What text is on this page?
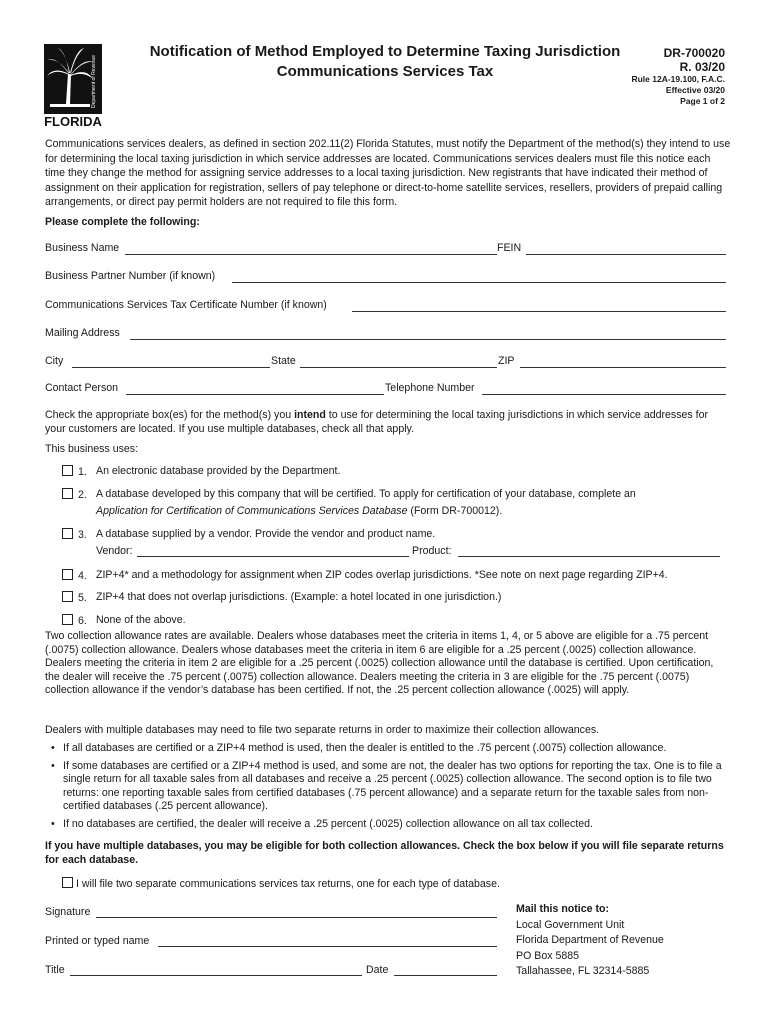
Department of Revenue
FLORIDA
Notification of Method Employed to Determine Taxing Jurisdiction
Communications Services Tax
DR-700020
R. 03/20
Rule 12A-19.100, F.A.C.
Effective 03/20
Page 1 of 2
Communications services dealers, as defined in section 202.11(2) Florida Statutes, must notify the Department of the method(s) they intend to use for determining the local taxing jurisdiction in which service addresses are located. Communications services dealers must file this notice each time they change the method for assigning service addresses to a local taxing jurisdiction. New registrants that have indicated their method of assignment on their application for registration, sellers of pay telephone or direct-to-home satellite services, resellers, providers of prepaid calling arrangements, or direct pay permit holders are not required to file this form.
Please complete the following:
Business Name	FEIN
Business Partner Number (if known)
Communications Services Tax Certificate Number (if known)
Mailing Address
City	State	ZIP
Contact Person	Telephone Number
Check the appropriate box(es) for the method(s) you intend to use for determining the local taxing jurisdictions in which service addresses for your customers are located. If you use multiple databases, check all that apply.
This business uses:
1. An electronic database provided by the Department.
2. A database developed by this company that will be certified. To apply for certification of your database, complete an
Application for Certification of Communications Services Database (Form DR-700012).
3. A database supplied by a vendor. Provide the vendor and product name.
Vendor:	Product:
4. ZIP+4* and a methodology for assignment when ZIP codes overlap jurisdictions. *See note on next page regarding ZIP+4.
5. ZIP+4 that does not overlap jurisdictions. (Example: a hotel located in one jurisdiction.)
6. None of the above.
Two collection allowance rates are available. Dealers whose databases meet the criteria in items 1, 4, or 5 above are eligible for a .75 percent (.0075) collection allowance. Dealers whose databases meet the criteria in item 6 are eligible for a .25 percent (.0025) collection allowance. Dealers meeting the criteria in item 2 are eligible for a .25 percent (.0025) collection allowance until the database is certified. Upon certification, the dealer will receive the .75 percent (.0075) collection allowance. Dealers meeting the criteria in 3 are eligible for the .75 percent (.0075) collection allowance if the vendor’s database has been certified. If not, the .25 percent collection allowance (.0025) will apply.
Dealers with multiple databases may need to file two separate returns in order to maximize their collection allowances.
• If all databases are certified or a ZIP+4 method is used, then the dealer is entitled to the .75 percent (.0075) collection allowance.
• If some databases are certified or a ZIP+4 method is used, and some are not, the dealer has two options for reporting the tax. One is to file a single return for all taxable sales from all databases and receive a .25 percent (.0025) collection allowance. The second option is to file two returns: one reporting taxable sales from certified databases (.75 percent allowance) and a separate return for the taxable sales from non-certified databases (.25 percent allowance).
• If no databases are certified, the dealer will receive a .25 percent (.0025) collection allowance on all tax collected.
If you have multiple databases, you may be eligible for both collection allowances. Check the box below if you will file separate returns for each database.
I will file two separate communications services tax returns, one for each type of database.
Signature
Printed or typed name
Title	Date
Mail this notice to:
Local Government Unit
Florida Department of Revenue
PO Box 5885
Tallahassee, FL 32314-5885
